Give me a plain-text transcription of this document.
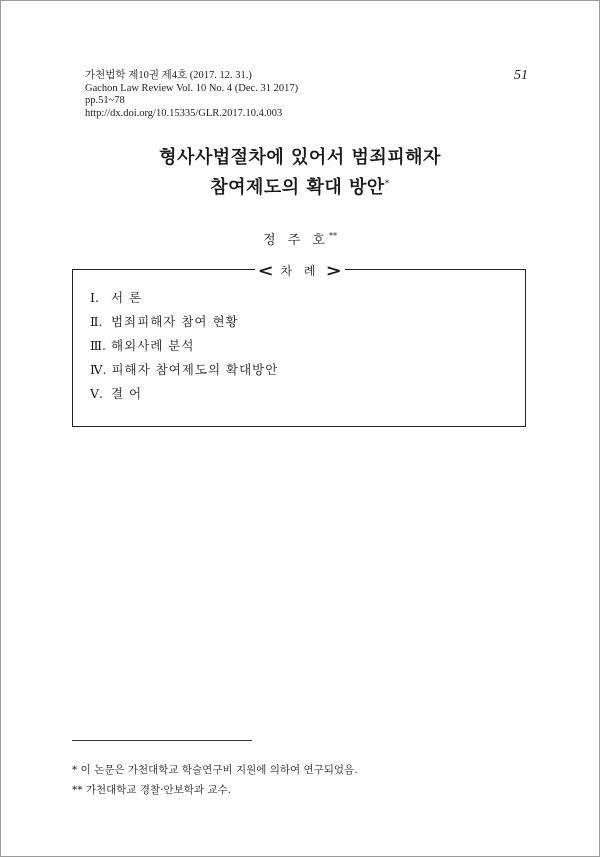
가천법학 제10권 제4호 (2017. 12. 31.)
Gachon Law Review Vol. 10 No. 4 (Dec. 31 2017)
pp.51~78
http://dx.doi.org/10.15335/GLR.2017.10.4.003
51
형사사법절차에 있어서 범죄피해자
참여제도의 확대 방안*
정 주 호**
< 차 례 >
Ⅰ. 서 론
Ⅱ. 범죄피해자 참여 현황
Ⅲ. 해외사례 분석
Ⅳ. 피해자 참여제도의 확대방안
Ⅴ. 결 어
* 이 논문은 가천대학교 학술연구비 지원에 의하여 연구되었음.
** 가천대학교 경찰·안보학과 교수.
